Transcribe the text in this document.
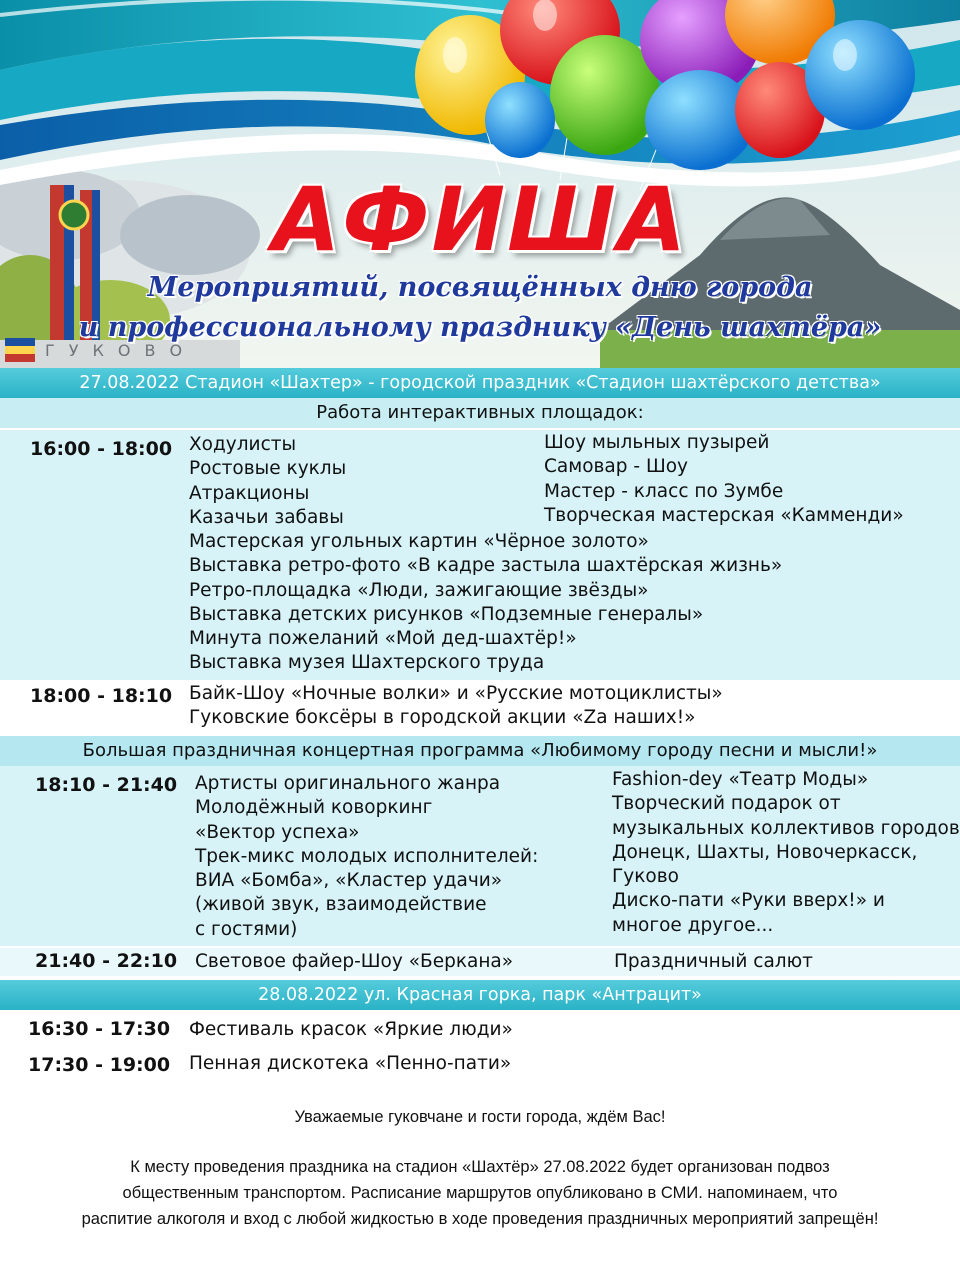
ГУКОВО
АФИША
Мероприятий, посвящённых дню города
и профессиональному празднику «День шахтёра»
27.08.2022 Стадион «Шахтер» - городской праздник «Стадион шахтёрского детства»
Работа интерактивных площадок:
16:00 - 18:00 Ходулисты
Ростовые куклы
Атракционы
Казачьи забавы
Шоу мыльных пузырей
Самовар - Шоу
Мастер - класс по Зумбе
Творческая мастерская «Камменди»
Мастерская угольных картин «Чёрное золото»
Выставка ретро-фото «В кадре застыла шахтёрская жизнь»
Ретро-площадка «Люди, зажигающие звёзды»
Выставка детских рисунков «Подземные генералы»
Минута пожеланий «Мой дед-шахтёр!»
Выставка музея Шахтерского труда
18:00 - 18:10 Байк-Шоу «Ночные волки» и «Русские мотоциклисты»
Гуковские боксёры в городской акции «Za наших!»
Большая праздничная концертная программа «Любимому городу песни и мысли!»
18:10 - 21:40 Артисты оригинального жанра
Молодёжный коворкинг
«Вектор успеха»
Трек-микс молодых исполнителей:
ВИА «Бомба», «Кластер удачи»
(живой звук, взаимодействие
с гостями)
Fashion-dey «Театр Моды»
Творческий подарок от
музыкальных коллективов городов
Донецк, Шахты, Новочеркасск,
Гуково
Диско-пати «Руки вверх!» и
многое другое...
21:40 - 22:10 Световое файер-Шоу «Беркана»	Праздничный салют
28.08.2022 ул. Красная горка, парк «Антрацит»
16:30 - 17:30 Фестиваль красок «Яркие люди»
17:30 - 19:00 Пенная дискотека «Пенно-пати»
Уважаемые гуковчане и гости города, ждём Вас!
К месту проведения праздника на стадион «Шахтёр» 27.08.2022 будет организован подвоз
общественным транспортом. Расписание маршрутов опубликовано в СМИ. напоминаем, что
распитие алкоголя и вход с любой жидкостью в ходе проведения праздничных мероприятий запрещён!
